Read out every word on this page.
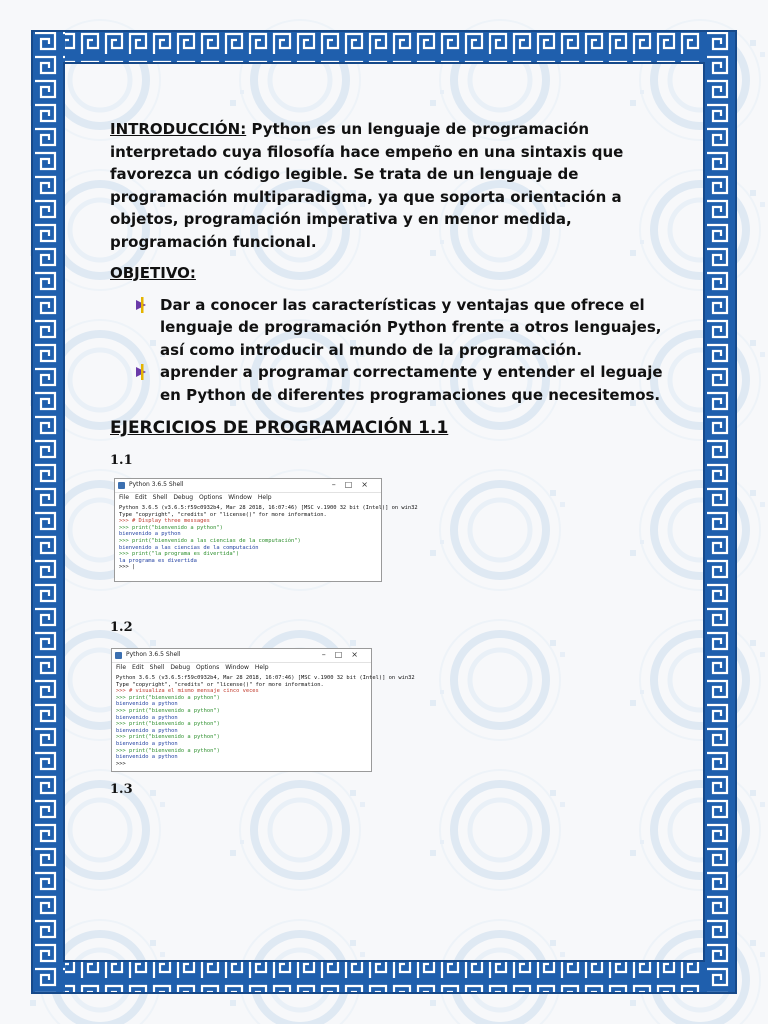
INTRODUCCIÓN: Python es un lenguaje de programación interpretado cuya filosofía hace empeño en una sintaxis que favorezca un código legible. Se trata de un lenguaje de programación multiparadigma, ya que soporta orientación a objetos, programación imperativa y en menor medida, programación funcional.

OBJETIVO:
Dar a conocer las características y ventajas que ofrece el lenguaje de programación Python frente a otros lenguajes, así como introducir al mundo de la programación.
aprender a programar correctamente y entender el leguaje en Python de diferentes programaciones que necesitemos.
EJERCICIOS DE PROGRAMACIÓN 1.1
1.1
Python 3.6.5 Shell	–□×
File Edit Shell Debug Options Window Help
Python 3.6.5 (v3.6.5:f59c0932b4, Mar 28 2018, 16:07:46) [MSC v.1900 32 bit (Intel)] on win32
Type "copyright", "credits" or "license()" for more information.
>>> # Display three messages
>>> print("bienvenido a python")
bienvenido a python
>>> print("bienvenido a las ciencias de la computación")
bienvenido a las ciencias de la computación
>>> print("la programa es divertida")
la programa es divertida
>>> |
1.2
Python 3.6.5 Shell	–□×
File Edit Shell Debug Options Window Help
Python 3.6.5 (v3.6.5:f59c0932b4, Mar 28 2018, 16:07:46) [MSC v.1900 32 bit (Intel)] on win32
Type "copyright", "credits" or "license()" for more information.
>>> # visualiza el mismo mensaje cinco veces
>>> print("bienvenido a python")
bienvenido a python
>>> print("bienvenido a python")
bienvenido a python
>>> print("bienvenido a python")
bienvenido a python
>>> print("bienvenido a python")
bienvenido a python
>>> print("bienvenido a python")
bienvenido a python
>>>
1.3
